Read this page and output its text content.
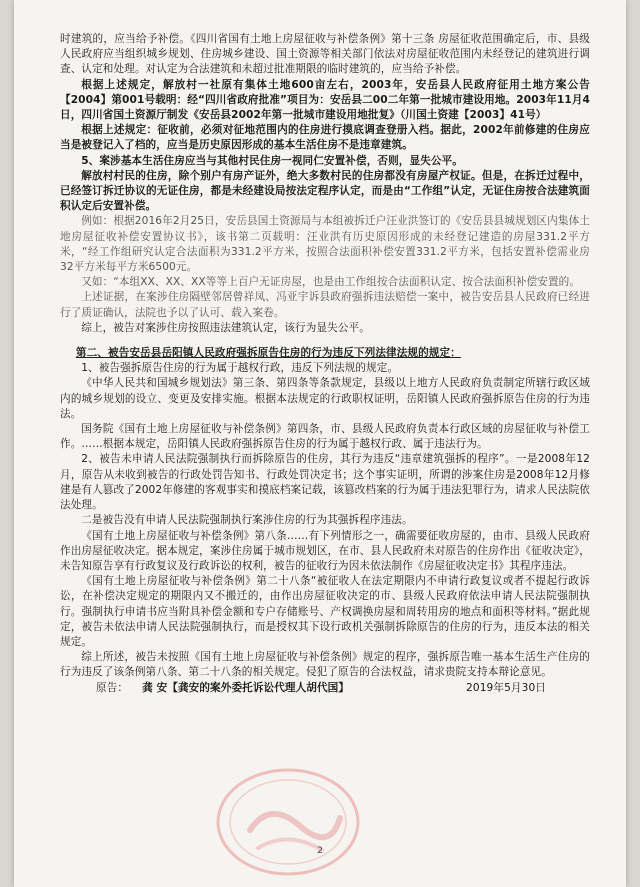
时建筑的，应当给予补偿。《四川省国有土地上房屋征收与补偿条例》第十三条 房屋征收范围确定后，市、县级人民政府应当组织城乡规划、住房城乡建设、国土资源等相关部门依法对房屋征收范围内未经登记的建筑进行调查、认定和处理。对认定为合法建筑和未超过批准期限的临时建筑的，应当给予补偿。

根据上述规定，解放村一社原有集体土地600亩左右，2003年，安岳县人民政府征用土地方案公告【2004】第001号载明：经“四川省政府批准”项目为：安岳县二00二年第一批城市建设用地。2003年11月4日，四川省国土资源厅制发《安岳县2002年第一批城市建设用地批复》（川国土资建【2003】41号）

根据上述规定：征收前，必须对征地范围内的住房进行摸底调查登册入档。据此，2002年前修建的住房应当是被登记入了档的，应当是历史原因形成的基本生活住房不是违章建筑。

5、案涉基本生活住房应当与其他村民住房一视同仁安置补偿，否则，显失公平。

解放村村民的住房，除个别户有房产证外，绝大多数村民的住房都没有房屋产权证。但是，在拆迁过程中，已经签订拆迁协议的无证住房，都是未经建设局按法定程序认定，而是由“工作组”认定，无证住房按合法建筑面积认定后安置补偿。

例如：根据2016年2月25日，安岳县国土资源局与本组被拆迁户汪业洪签订的《安岳县县城规划区内集体土地房屋征收补偿安置协议书》，该书第二页载明：汪业洪有历史原因形成的未经登记建造的房屋331.2平方米，“经工作组研究认定合法面积为331.2平方米，按照合法面积补偿安置331.2平方米，包括安置补偿需业房32平方米每平方米6500元。

又如：“本组XX、XX、XX等等上百户无证房屋，也是由工作组按合法面积认定、按合法面积补偿安置的。

上述证据，在案涉住房隔壁邻居曾祥凤、冯亚宇诉县政府强拆违法赔偿一案中，被告安岳县人民政府已经进行了质证确认，法院也予以了认可、载入案卷。

综上，被告对案涉住房按照违法建筑认定，该行为显失公平。

第二、被告安岳县岳阳镇人民政府强拆原告住房的行为违反下列法律法规的规定：

1、被告强拆原告住房的行为属于越权行政，违反下列法规的规定。

《中华人民共和国城乡规划法》第三条、第四条等条款规定，县级以上地方人民政府负责制定所辖行政区域内的城乡规划的设立、变更及安排实施。根据本法规定的行政职权证明，岳阳镇人民政府强拆原告住房的行为违法。

国务院《国有土地上房屋征收与补偿条例》第四条，市、县级人民政府负责本行政区域的房屋征收与补偿工作。……根据本规定，岳阳镇人民政府强拆原告住房的行为属于越权行政、属于违法行为。

2、被告未申请人民法院强制执行而拆除原告的住房，其行为违反“违章建筑强拆的程序”。一是2008年12月，原告从未收到被告的行政处罚告知书、行政处罚决定书；这个事实证明，所谓的涉案住房是2008年12月修建是有人篡改了2002年修建的客观事实和摸底档案记载，该篡改档案的行为属于违法犯罪行为，请求人民法院依法处理。

二是被告没有申请人民法院强制执行案涉住房的行为其强拆程序违法。

《国有土地上房屋征收与补偿条例》第八条……有下列情形之一，确需要征收房屋的，由市、县级人民政府作出房屋征收决定。据本规定，案涉住房属于城市规划区，在市、县人民政府未对原告的住房作出《征收决定》，未告知原告享有行政复议及行政诉讼的权利，被告的征收行为因未依法制作《房屋征收决定书》其程序违法。

《国有土地上房屋征收与补偿条例》第二十八条“被征收人在法定期限内不申请行政复议或者不提起行政诉讼，在补偿决定规定的期限内又不搬迁的，由作出房屋征收决定的市、县级人民政府依法申请人民法院强制执行。强制执行申请书应当附具补偿金额和专户存储账号、产权调换房屋和周转用房的地点和面积等材料。”据此规定，被告未依法申请人民法院强制执行，而是授权其下设行政机关强制拆除原告的住房的行为，违反本法的相关规定。

综上所述，被告未按照《国有土地上房屋征收与补偿条例》规定的程序，强拆原告唯一基本生活生产住房的行为违反了该条例第八条、第二十八条的相关规定。侵犯了原告的合法权益，请求贵院支持本辩论意见。

原告： 龚 安【龚安的案外委托诉讼代理人胡代国】	2019年5月30日

2
